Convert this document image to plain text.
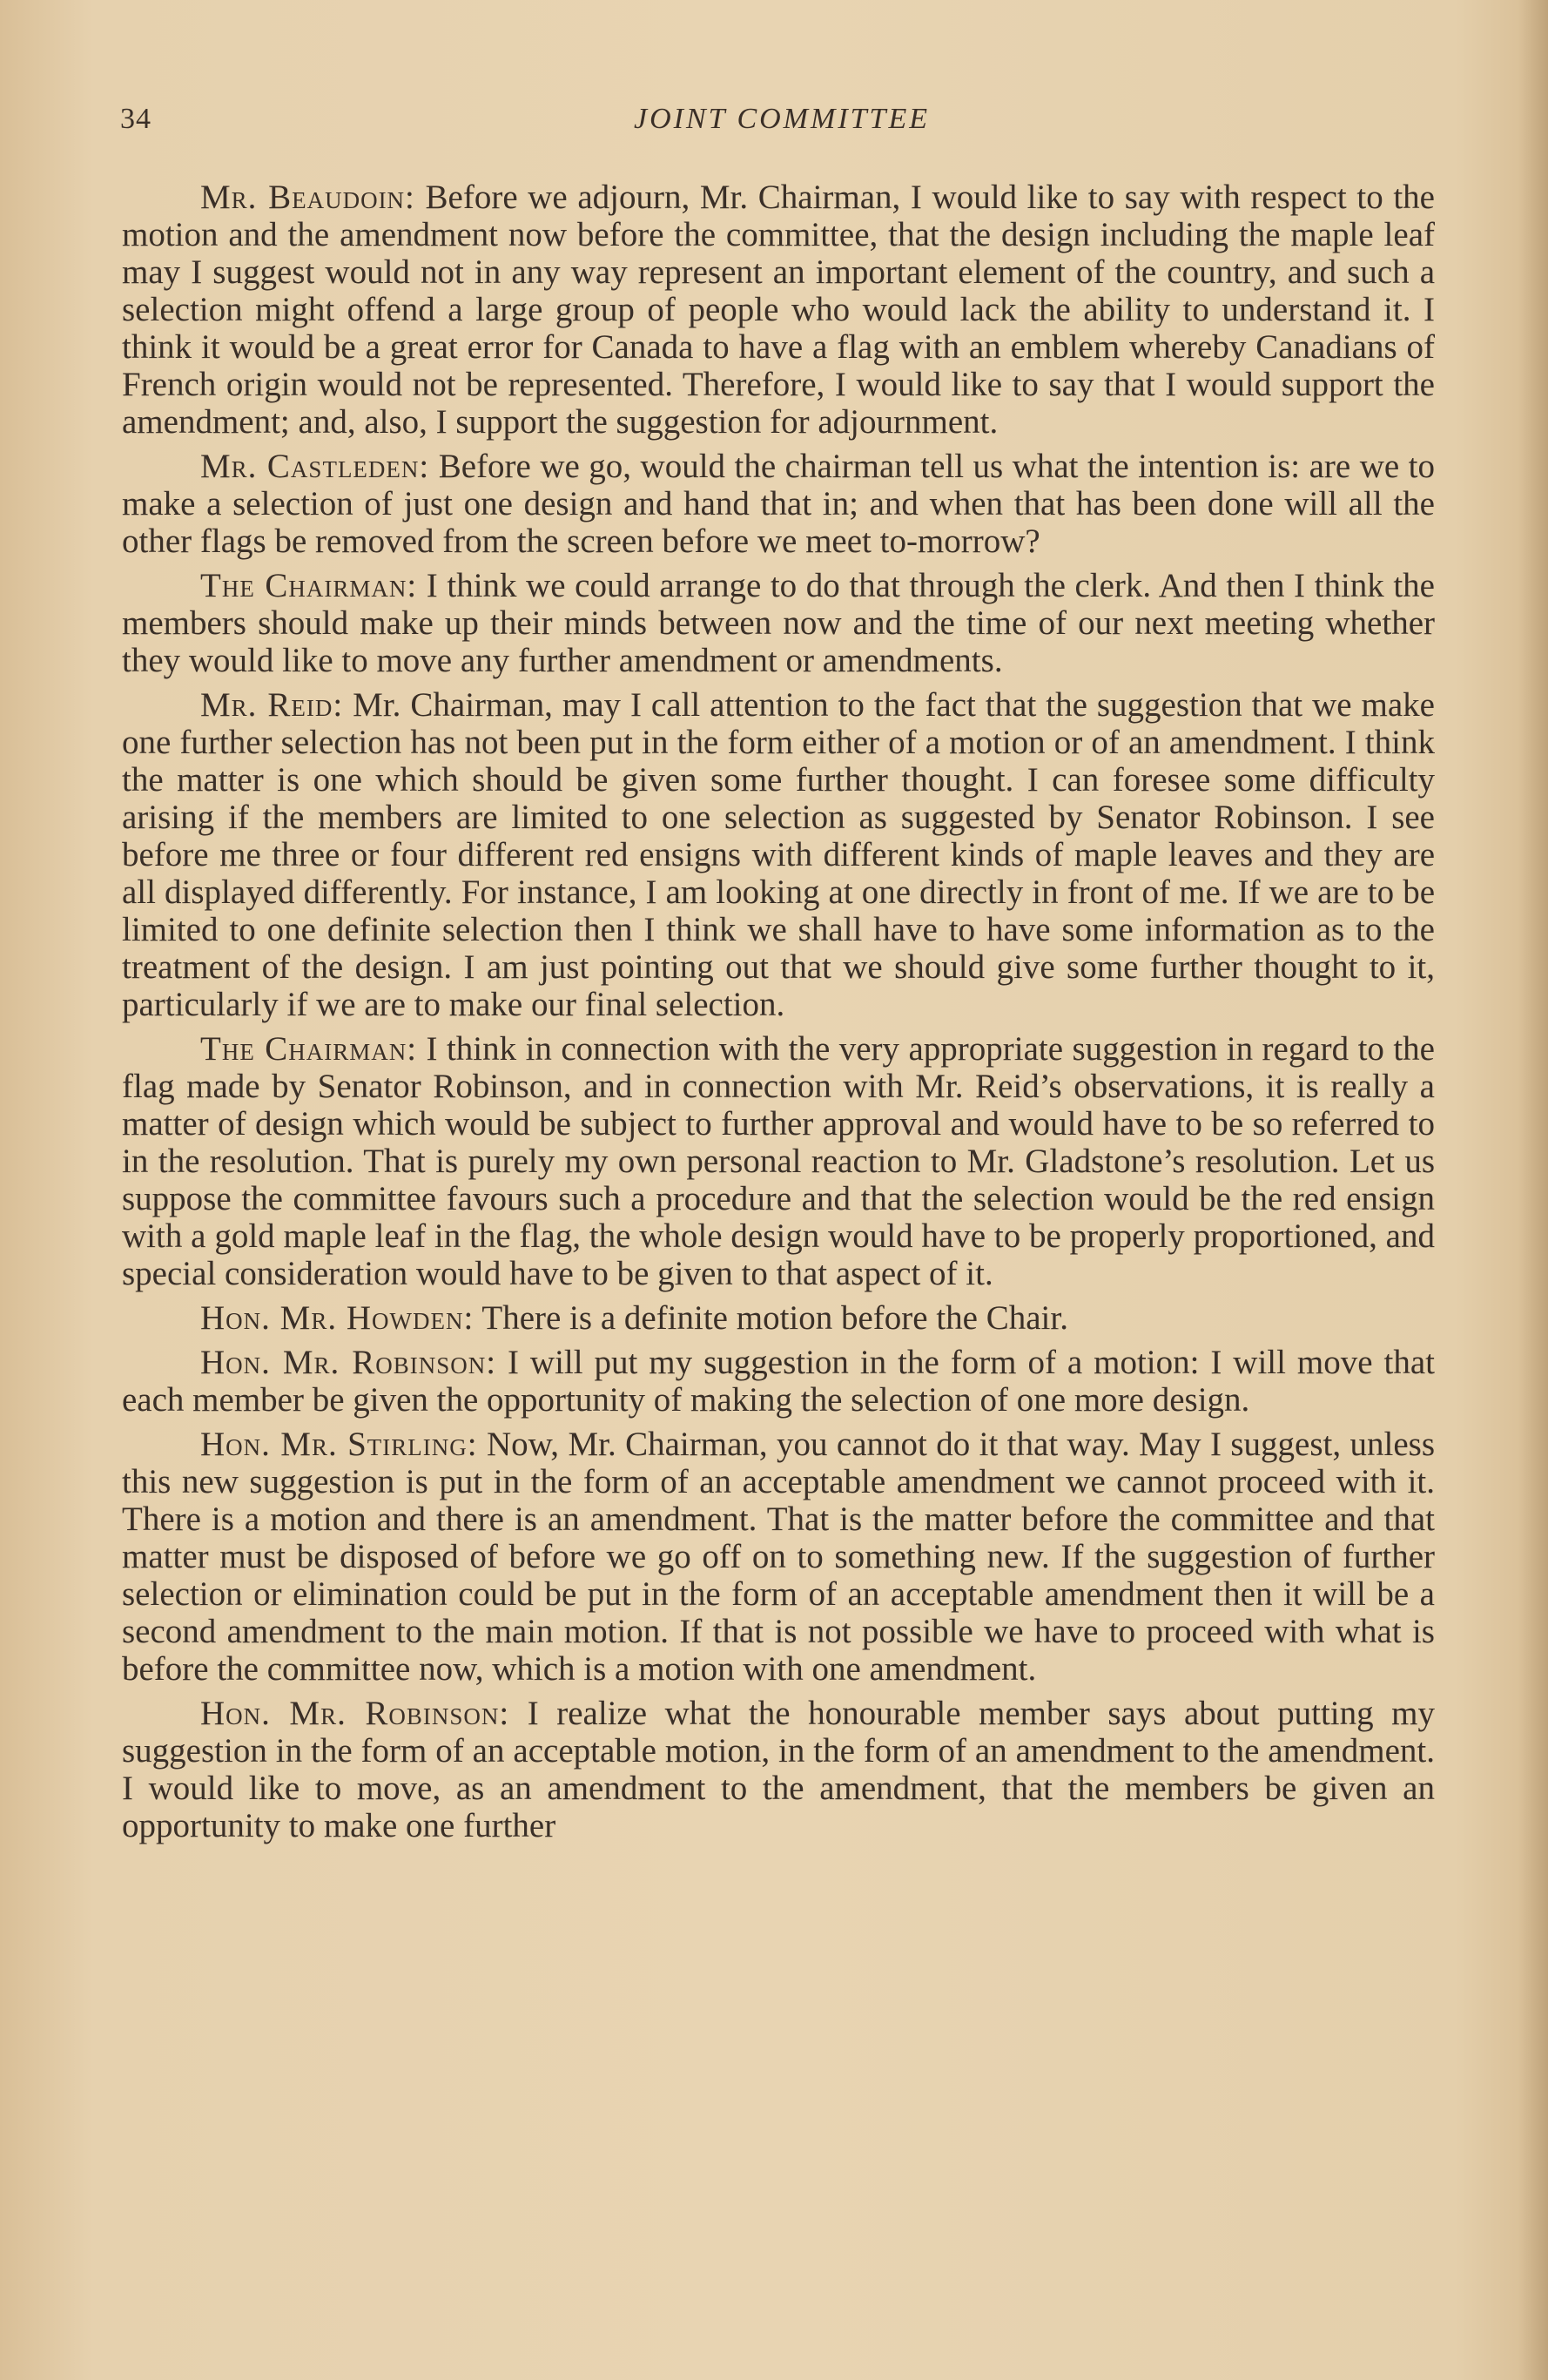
34	JOINT COMMITTEE

Mr. Beaudoin: Before we adjourn, Mr. Chairman, I would like to say with respect to the motion and the amendment now before the committee, that the design including the maple leaf may I suggest would not in any way represent an important element of the country, and such a selection might offend a large group of people who would lack the ability to understand it. I think it would be a great error for Canada to have a flag with an emblem whereby Canadians of French origin would not be represented. Therefore, I would like to say that I would support the amendment; and, also, I support the suggestion for adjournment.

Mr. Castleden: Before we go, would the chairman tell us what the intention is: are we to make a selection of just one design and hand that in; and when that has been done will all the other flags be removed from the screen before we meet to-morrow?

The Chairman: I think we could arrange to do that through the clerk. And then I think the members should make up their minds between now and the time of our next meeting whether they would like to move any further amendment or amendments.

Mr. Reid: Mr. Chairman, may I call attention to the fact that the suggestion that we make one further selection has not been put in the form either of a motion or of an amendment. I think the matter is one which should be given some further thought. I can foresee some difficulty arising if the members are limited to one selection as suggested by Senator Robinson. I see before me three or four different red ensigns with different kinds of maple leaves and they are all displayed differently. For instance, I am looking at one directly in front of me. If we are to be limited to one definite selection then I think we shall have to have some information as to the treatment of the design. I am just pointing out that we should give some further thought to it, particularly if we are to make our final selection.

The Chairman: I think in connection with the very appropriate suggestion in regard to the flag made by Senator Robinson, and in connection with Mr. Reid’s observations, it is really a matter of design which would be subject to further approval and would have to be so referred to in the resolution. That is purely my own personal reaction to Mr. Gladstone’s resolution. Let us suppose the committee favours such a procedure and that the selection would be the red ensign with a gold maple leaf in the flag, the whole design would have to be properly proportioned, and special consideration would have to be given to that aspect of it.

Hon. Mr. Howden: There is a definite motion before the Chair.

Hon. Mr. Robinson: I will put my suggestion in the form of a motion: I will move that each member be given the opportunity of making the selection of one more design.

Hon. Mr. Stirling: Now, Mr. Chairman, you cannot do it that way. May I suggest, unless this new suggestion is put in the form of an acceptable amendment we cannot proceed with it. There is a motion and there is an amendment. That is the matter before the committee and that matter must be disposed of before we go off on to something new. If the suggestion of further selection or elimination could be put in the form of an acceptable amendment then it will be a second amendment to the main motion. If that is not possible we have to proceed with what is before the committee now, which is a motion with one amendment.

Hon. Mr. Robinson: I realize what the honourable member says about putting my suggestion in the form of an acceptable motion, in the form of an amendment to the amendment. I would like to move, as an amendment to the amendment, that the members be given an opportunity to make one further
